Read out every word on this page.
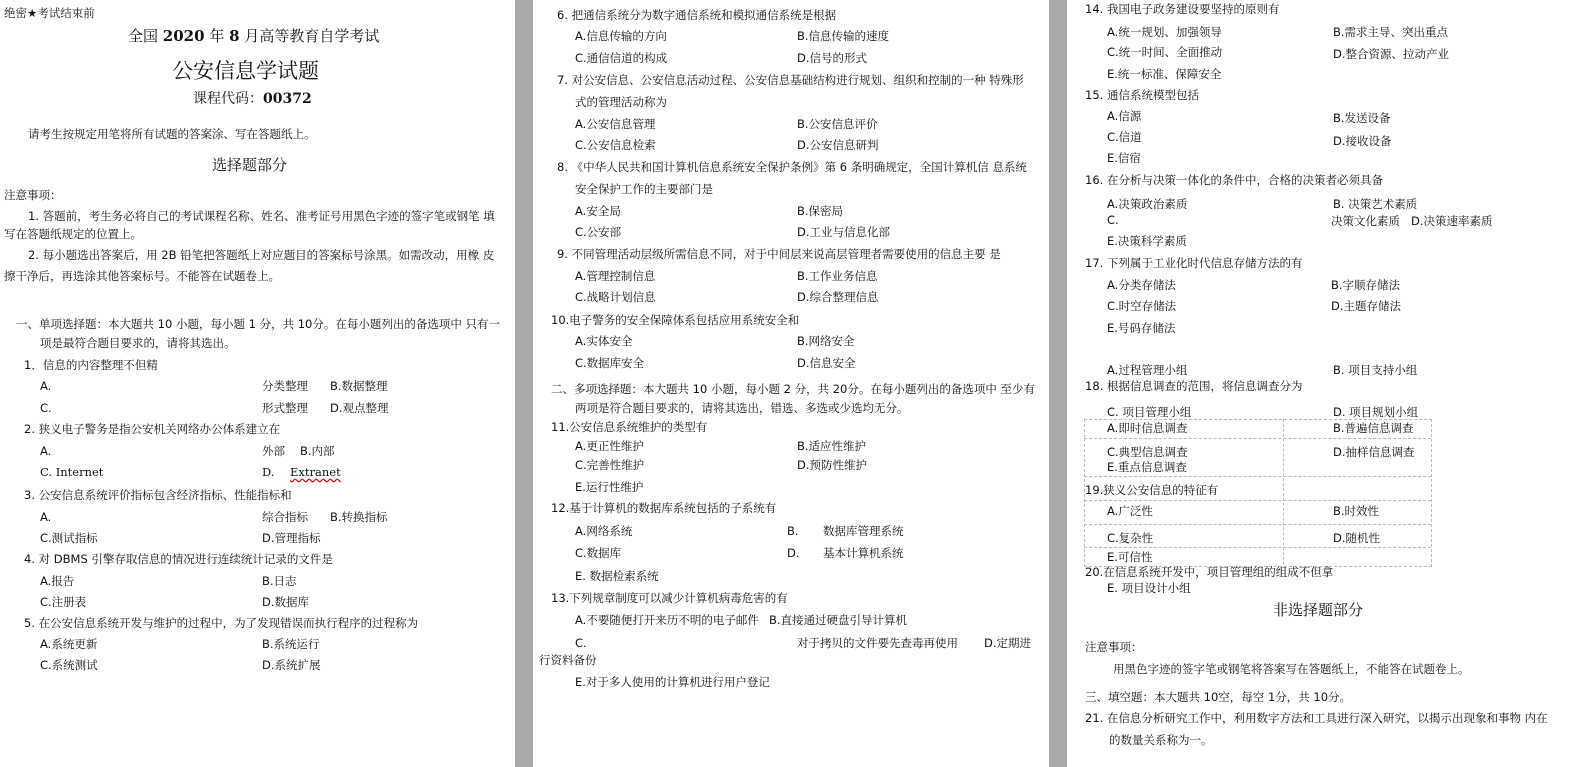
绝密★考试结束前
全国 2020 年 8 月高等教育自学考试
公安信息学试题
课程代码：00372
请考生按规定用笔将所有试题的答案涂、写在答题纸上。
选择题部分
注意事项：
1. 答题前，考生务必将自己的考试课程名称、姓名、准考证号用黑色字迹的签字笔或钢笔 填
写在答题纸规定的位置上。
2. 每小题选出答案后，用 2B 铅笔把答题纸上对应题目的答案标号涂黑。如需改动，用橡 皮
擦干净后，再选涂其他答案标号。不能答在试题卷上。
一、单项选择题：本大题共 10 小题，每小题 1 分，共 10分。在每小题列出的备选项中 只有一
项是最符合题目要求的，请将其选出。
1．信息的内容整理不但精
A.	分类整理 B.数据整理
C.	形式整理 D.观点整理
2. 狭义电子警务是指公安机关网络办公体系建立在
A.	外部 B.内部
C. Internet	D. Extranet
3. 公安信息系统评价指标包含经济指标、性能指标和
A.	综合指标 B.转换指标
C.测试指标	D.管理指标
4. 对 DBMS 引擎存取信息的情况进行连续统计记录的文件是
A.报告	B.日志
C.注册表	D.数据库
5. 在公安信息系统开发与维护的过程中，为了发现错误而执行程序的过程称为
A.系统更新	B.系统运行
C.系统测试	D.系统扩展
6. 把通信系统分为数字通信系统和模拟通信系统是根据
A.信息传输的方向	B.信息传输的速度
C.通信信道的构成	D.信号的形式
7. 对公安信息、公安信息活动过程、公安信息基础结构进行规划、组织和控制的一种 特殊形
式的管理活动称为
A.公安信息管理	B.公安信息评价
C.公安信息检索	D.公安信息研判
8. 《中华人民共和国计算机信息系统安全保护条例》第 6 条明确规定，全国计算机信 息系统
安全保护工作的主要部门是
A.安全局	B.保密局
C.公安部	D.工业与信息化部
9. 不同管理活动层级所需信息不同，对于中间层来说高层管理者需要使用的信息主要 是
A.管理控制信息	B.工作业务信息
C.战略计划信息	D.综合整理信息
10.电子警务的安全保障体系包括应用系统安全和
A.实体安全	B.网络安全
C.数据库安全	D.信息安全
二、多项选择题：本大题共 10 小题，每小题 2 分，共 20分。在每小题列出的备选项中 至少有
两项是符合题目要求的，请将其选出，错选、多选或少选均无分。
11.公安信息系统维护的类型有
A.更正性维护	B.适应性维护
C.完善性维护	D.预防性维护
E.运行性维护
12.基于计算机的数据库系统包括的子系统有
A.网络系统	B. 数据库管理系统
C.数据库	D. 基本计算机系统
E. 数据检索系统
13.下列规章制度可以减少计算机病毒危害的有
A.不要随便打开来历不明的电子邮件 B.直接通过硬盘引导计算机
C.	对于拷贝的文件要先查毒再使用 D.定期进
行资料备份
E.对于多人使用的计算机进行用户登记
14. 我国电子政务建设要坚持的原则有
A.统一规划、加强领导	B.需求主导、突出重点
C.统一时间、全面推动	D.整合资源、拉动产业
E.统一标准、保障安全
15. 通信系统模型包括
A.信源	B.发送设备
C.信道	D.接收设备
E.信宿
16. 在分析与决策一体化的条件中，合格的决策者必须具备
A.决策政治素质	B. 决策艺术素质
C.	决策文化素质 D.决策速率素质
E.决策科学素质
17. 下列属于工业化时代信息存储方法的有
A.分类存储法	B.字顺存储法
C.时空存储法	D.主题存储法
E.号码存储法
A.过程管理小组	B. 项目支持小组
18. 根据信息调查的范围，将信息调查分为
C. 项目管理小组	D. 项目规划小组
A.即时信息调查	B.普遍信息调查
C.典型信息调查	D.抽样信息调查
E.重点信息调查
19.狭义公安信息的特征有
A.广泛性	B.时效性
C.复杂性	D.随机性
E.可信性
20.在信息系统开发中，项目管理组的组成不但拿
E. 项目设计小组
非选择题部分
注意事项：
用黑色字迹的签字笔或钢笔将答案写在答题纸上，不能答在试题卷上。
三、填空题：本大题共 10空，每空 1分，共 10分。
21. 在信息分析研究工作中，利用数字方法和工具进行深入研究，以揭示出现象和事物 内在
的数量关系称为一。
